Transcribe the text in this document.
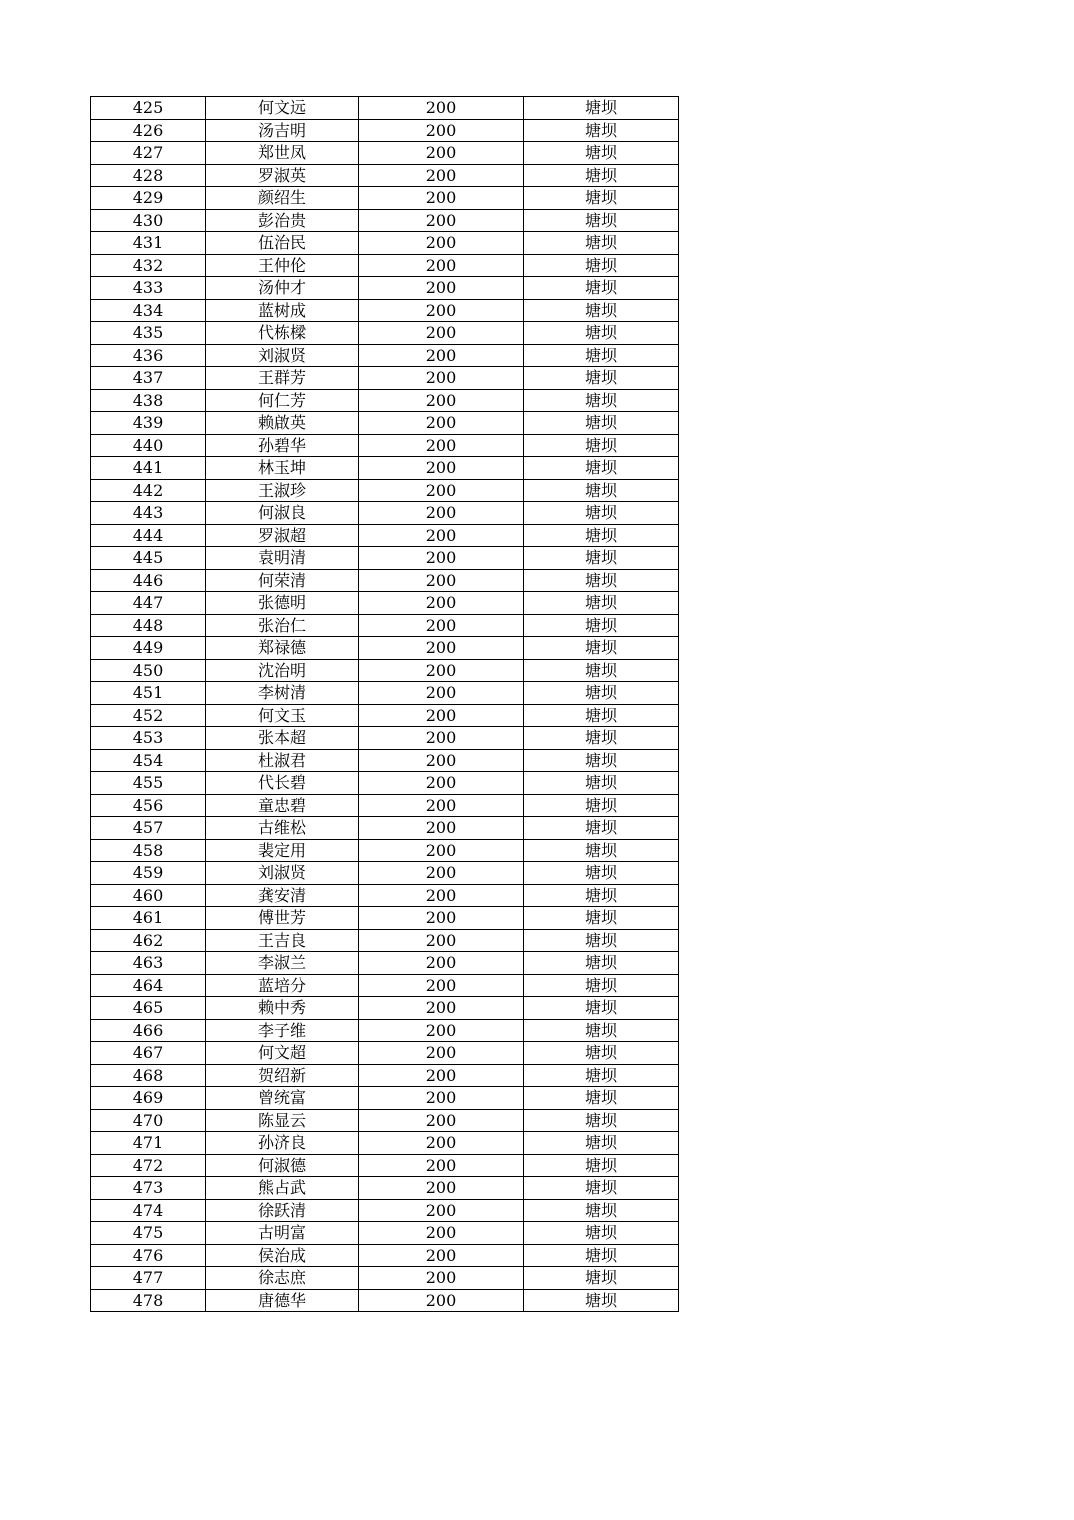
425	何文远	200	塘坝
426	汤吉明	200	塘坝
427	郑世凤	200	塘坝
428	罗淑英	200	塘坝
429	颜绍生	200	塘坝
430	彭治贵	200	塘坝
431	伍治民	200	塘坝
432	王仲伦	200	塘坝
433	汤仲才	200	塘坝
434	蓝树成	200	塘坝
435	代栋樑	200	塘坝
436	刘淑贤	200	塘坝
437	王群芳	200	塘坝
438	何仁芳	200	塘坝
439	赖啟英	200	塘坝
440	孙碧华	200	塘坝
441	林玉坤	200	塘坝
442	王淑珍	200	塘坝
443	何淑良	200	塘坝
444	罗淑超	200	塘坝
445	袁明清	200	塘坝
446	何荣清	200	塘坝
447	张德明	200	塘坝
448	张治仁	200	塘坝
449	郑禄德	200	塘坝
450	沈治明	200	塘坝
451	李树清	200	塘坝
452	何文玉	200	塘坝
453	张本超	200	塘坝
454	杜淑君	200	塘坝
455	代长碧	200	塘坝
456	童忠碧	200	塘坝
457	古维松	200	塘坝
458	裴定用	200	塘坝
459	刘淑贤	200	塘坝
460	龚安清	200	塘坝
461	傅世芳	200	塘坝
462	王吉良	200	塘坝
463	李淑兰	200	塘坝
464	蓝培分	200	塘坝
465	赖中秀	200	塘坝
466	李子维	200	塘坝
467	何文超	200	塘坝
468	贺绍新	200	塘坝
469	曾统富	200	塘坝
470	陈显云	200	塘坝
471	孙济良	200	塘坝
472	何淑德	200	塘坝
473	熊占武	200	塘坝
474	徐跃清	200	塘坝
475	古明富	200	塘坝
476	侯治成	200	塘坝
477	徐志庶	200	塘坝
478	唐德华	200	塘坝
